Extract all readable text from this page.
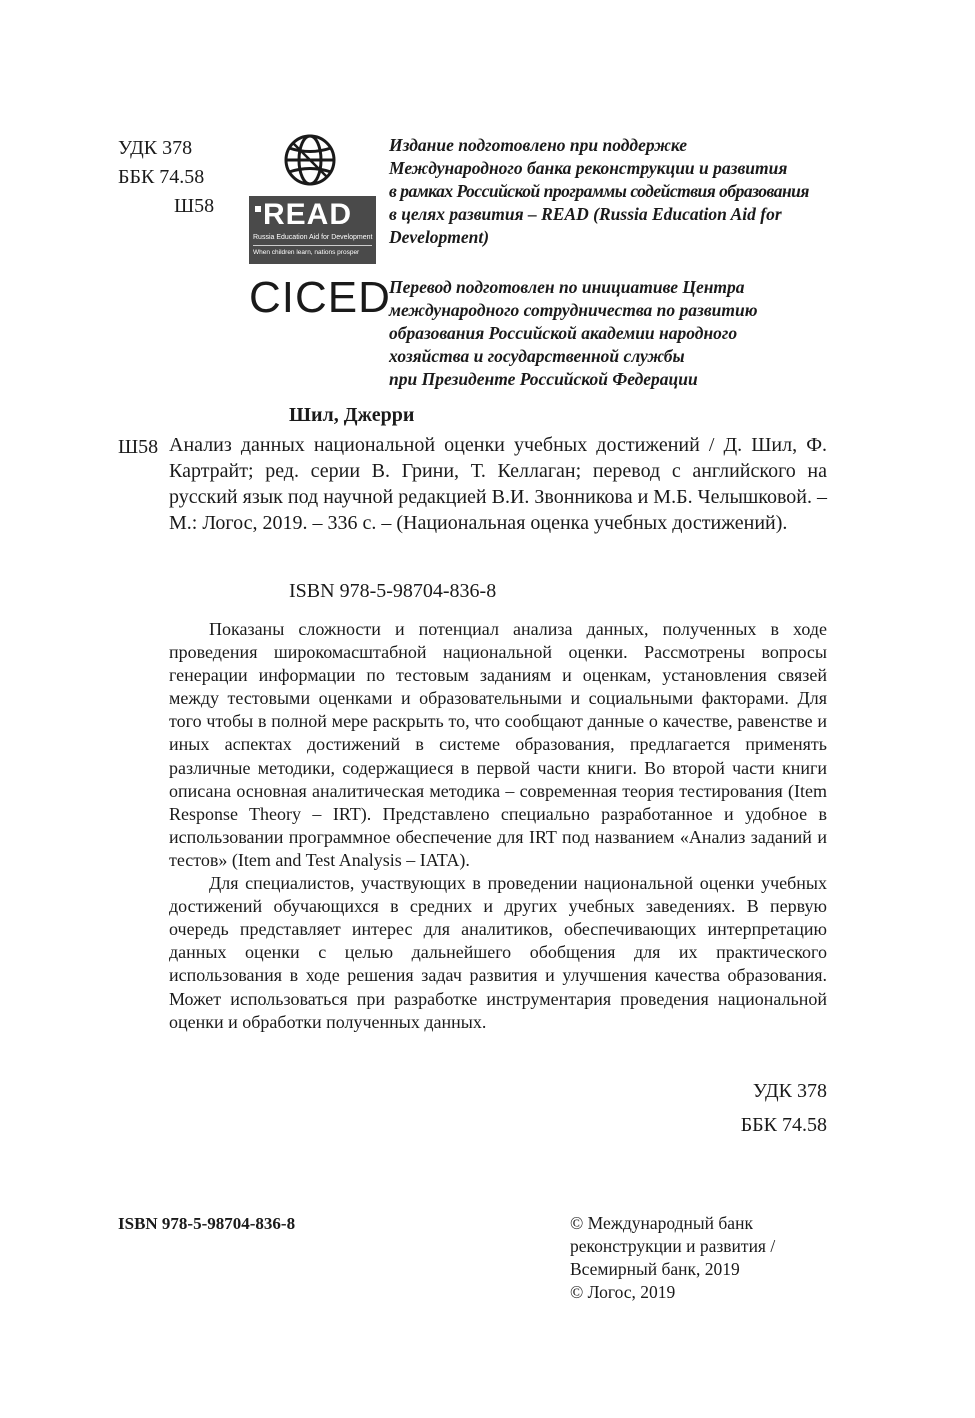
УДК 378
ББК 74.58
Ш58 READ
Russia Education Aid for Development
When children learn, nations prosper
CICED
Издание подготовлено при поддержке
Международного банка реконструкции и развития
в рамках Российской программы содействия образования
в целях развития – READ (Russia Education Aid for
Development)
Перевод подготовлен по инициативе Центра
международного сотрудничества по развитию
образования Российской академии народного
хозяйства и государственной службы
при Президенте Российской Федерации
Шил, Джерри
Ш58 Анализ данных национальной оценки учебных достижений / Д. Шил, Ф. Картрайт; ред. серии В. Грини, Т. Келлаган; перевод с английского на русский язык под научной редакцией В.И. Звонникова и М.Б. Челышковой. – М.: Логос, 2019. – 336 с. – (Национальная оценка учебных достижений).
ISBN 978-5-98704-836-8

Показаны сложности и потенциал анализа данных, полученных в ходе проведения широкомасштабной национальной оценки. Рассмотрены вопросы генерации информации по тестовым заданиям и оценкам, установления связей между тестовыми оценками и образовательными и социальными факторами. Для того чтобы в полной мере раскрыть то, что сообщают данные о качестве, равенстве и иных аспектах достижений в системе образования, предлагается применять различные методики, содержащиеся в первой части книги. Во второй части книги описана основная аналитическая методика – современная теория тестирования (Item Response Theory – IRT). Представлено специально разработанное и удобное в использовании программное обеспечение для IRT под названием «Анализ заданий и тестов» (Item and Test Analysis – IATA).

Для специалистов, участвующих в проведении национальной оценки учебных достижений обучающихся в средних и других учебных заведениях. В первую очередь представляет интерес для аналитиков, обеспечивающих интерпретацию данных оценки с целью дальнейшего обобщения для их практического использования в ходе решения задач развития и улучшения качества образования. Может использоваться при разработке инструментария проведения национальной оценки и обработки полученных данных.

УДК 378
ББК 74.58
ISBN 978-5-98704-836-8	© Международный банк
реконструкции и развития /
Всемирный банк, 2019
© Логос, 2019
